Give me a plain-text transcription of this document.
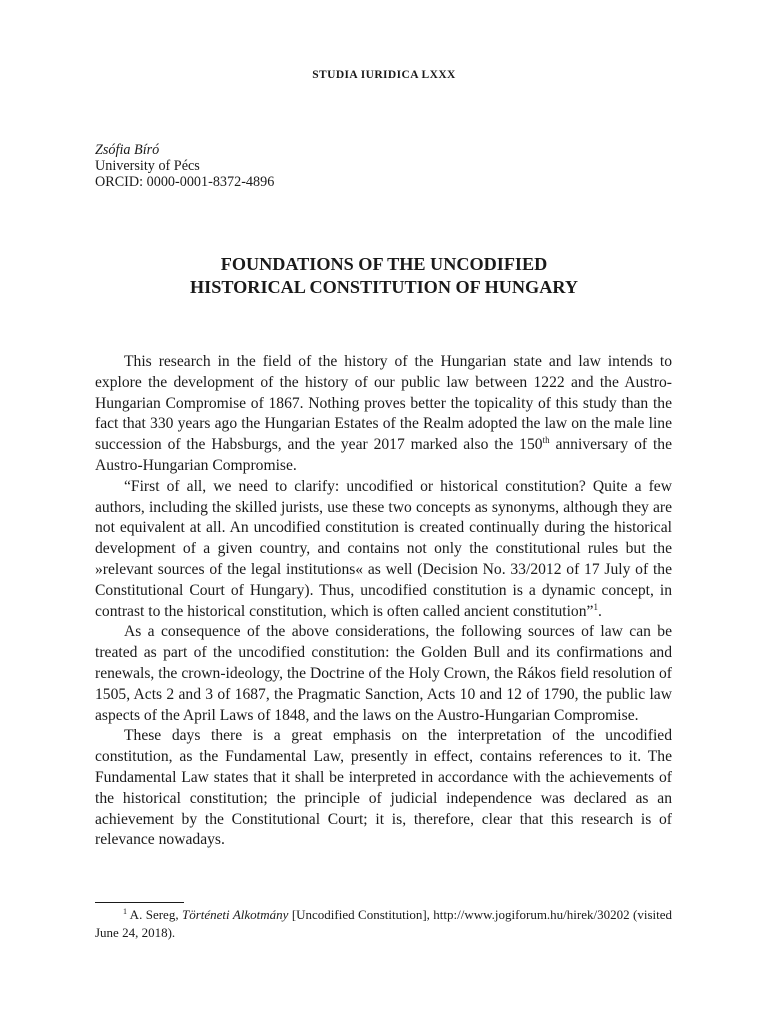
STUDIA IURIDICA LXXX
Zsófia Bíró
University of Pécs
ORCID: 0000-0001-8372-4896
FOUNDATIONS OF THE UNCODIFIED
HISTORICAL CONSTITUTION OF HUNGARY

This research in the field of the history of the Hungarian state and law intends to explore the development of the history of our public law between 1222 and the Austro-Hungarian Compromise of 1867. Nothing proves better the topicality of this study than the fact that 330 years ago the Hungarian Estates of the Realm adopted the law on the male line succession of the Habsburgs, and the year 2017 marked also the 150th anniversary of the Austro-Hungarian Compromise.

“First of all, we need to clarify: uncodified or historical constitution? Quite a few authors, including the skilled jurists, use these two concepts as synonyms, although they are not equivalent at all. An uncodified constitution is created continually during the historical development of a given country, and contains not only the constitutional rules but the »relevant sources of the legal institutions« as well (Decision No. 33/2012 of 17 July of the Constitutional Court of Hungary). Thus, uncodified constitution is a dynamic concept, in contrast to the historical constitution, which is often called ancient constitution”$^1$.

As a consequence of the above considerations, the following sources of law can be treated as part of the uncodified constitution: the Golden Bull and its confirmations and renewals, the crown-ideology, the Doctrine of the Holy Crown, the Rákos field resolution of 1505, Acts 2 and 3 of 1687, the Pragmatic Sanction, Acts 10 and 12 of 1790, the public law aspects of the April Laws of 1848, and the laws on the Austro-Hungarian Compromise.

These days there is a great emphasis on the interpretation of the uncodified constitution, as the Fundamental Law, presently in effect, contains references to it. The Fundamental Law states that it shall be interpreted in accordance with the achievements of the historical constitution; the principle of judicial independence was declared as an achievement by the Constitutional Court; it is, therefore, clear that this research is of relevance nowadays.

$^1$ A. Sereg, Történeti Alkotmány [Uncodified Constitution], http://www.jogiforum.hu/hirek/30202 (visited June 24, 2018).
